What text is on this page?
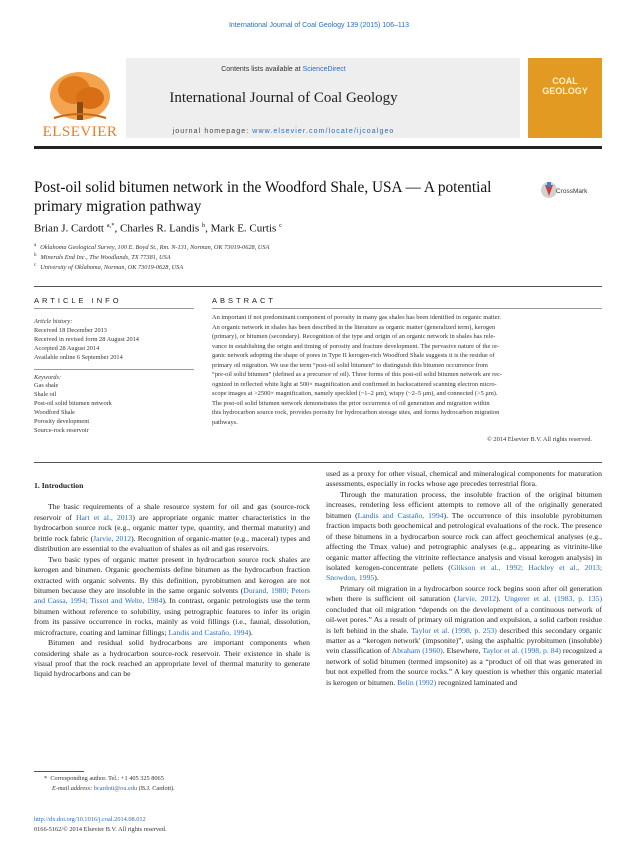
International Journal of Coal Geology 139 (2015) 106–113
ELSEVIER
Contents lists available at ScienceDirect
International Journal of Coal Geology
journal homepage: www.elsevier.com/locate/ijcoalgeo
COAL
GEOLOGY
Post-oil solid bitumen network in the Woodford Shale, USA — A potential primary migration pathway
CrossMark
Brian J. Cardott $^{a,*}$, Charles R. Landis $^b$, Mark E. Curtis $^c$
$^a$ Oklahoma Geological Survey, 100 E. Boyd St., Rm. N-131, Norman, OK 73019-0628, USA
$^b$ Minerals End Inc., The Woodlands, TX 77381, USA
$^c$ University of Oklahoma, Norman, OK 73019-0628, USA
ARTICLE INFO
Article history:
Received 18 December 2013
Received in revised form 28 August 2014
Accepted 28 August 2014
Available online 6 September 2014
Keywords:
Gas shale
Shale oil
Post-oil solid bitumen network
Woodford Shale
Porosity development
Source-rock reservoir
ABSTRACT
An important if not predominant component of porosity in many gas shales has been identified in organic matter.
An organic network in shales has been described in the literature as organic matter (generalized term), kerogen
(primary), or bitumen (secondary). Recognition of the type and origin of an organic network in shales has rele-
vance in establishing the origin and timing of porosity and fracture development. The pervasive nature of the or-
ganic network adopting the shape of pores in Type II kerogen-rich Woodford Shale suggests it is the residue of
primary oil migration. We use the term “post-oil solid bitumen” to distinguish this bitumen occurrence from
“pre-oil solid bitumen” (defined as a precursor of oil). Three forms of this post-oil solid bitumen network are rec-
ognized in reflected white light at 500× magnification and confirmed in backscattered scanning electron micro-
scope images at >2500× magnification, namely speckled (~1–2 μm), wispy (~2–5 μm), and connected (>5 μm).
The post-oil solid bitumen network demonstrates the prior occurrence of oil generation and migration within
this hydrocarbon source rock, provides porosity for hydrocarbon storage sites, and forms hydrocarbon migration
pathways.
© 2014 Elsevier B.V. All rights reserved.

1. Introduction

The basic requirements of a shale resource system for oil and gas (source-rock reservoir of Hart et al., 2013) are appropriate organic matter characteristics in the hydrocarbon source rock (e.g., organic matter type, quantity, and thermal maturity) and brittle rock fabric (Jarvie, 2012). Recognition of organic-matter (e.g., maceral) types and distribution are essential to the evaluation of shales as oil and gas reservoirs.

Two basic types of organic matter present in hydrocarbon source rock shales are kerogen and bitumen. Organic geochemists define bitumen as the hydrocarbon fraction extracted with organic solvents. By this definition, pyrobitumen and kerogen are not bitumen because they are insoluble in the same organic solvents (Durand, 1980; Peters and Cassa, 1994; Tissot and Welte, 1984). In contrast, organic petrologists use the term bitumen without reference to solubility, using petrographic features to infer its origin from its passive occurrence in rocks, mainly as void fillings (i.e., faunal, dissolution, microfracture, coating and laminar fillings; Landis and Castaño, 1994).

Bitumen and residual solid hydrocarbons are important components when considering shale as a hydrocarbon source-rock reservoir. Their existence in shale is visual proof that the rock reached an appropriate level of thermal maturity to generate liquid hydrocarbons and can be

used as a proxy for other visual, chemical and mineralogical components for maturation assessments, especially in rocks whose age precedes terrestrial flora.

Through the maturation process, the insoluble fraction of the original bitumen increases, rendering less efficient attempts to remove all of the originally generated bitumen (Landis and Castaño, 1994). The occurrence of this insoluble pyrobitumen fraction impacts both geochemical and petrological evaluations of the rock. The presence of these bitumens in a hydrocarbon source rock can affect geochemical analyses (e.g., affecting the Tmax value) and petrographic analyses (e.g., appearing as vitrinite-like organic matter affecting the vitrinite reflectance analysis and visual kerogen analysis) in isolated kerogen-concentrate pellets (Glikson et al., 1992; Hackley et al., 2013; Snowdon, 1995).

Primary oil migration in a hydrocarbon source rock begins soon after oil generation when there is sufficient oil saturation (Jarvie, 2012). Ungerer et al. (1983, p. 135) concluded that oil migration “depends on the development of a continuous network of oil-wet pores.” As a result of primary oil migration and expulsion, a solid carbon residue is left behind in the shale. Taylor et al. (1998, p. 253) described this secondary organic matter as a “kerogen network' (impsonite)”, using the asphaltic pyrobitumen (insoluble) vein classification of Abraham (1960). Elsewhere, Taylor et al. (1998, p. 84) recognized a network of solid bitumen (termed impsonite) as a “product of oil that was generated in but not expelled from the source rocks.” A key question is whether this organic material is kerogen or bitumen. Belin (1992) recognized laminated and

* Corresponding author. Tel.: +1 405 325 8065
E-mail address: bcardott@ou.edu (B.J. Cardott).
http://dx.doi.org/10.1016/j.coal.2014.08.012
0166-5162/© 2014 Elsevier B.V. All rights reserved.
